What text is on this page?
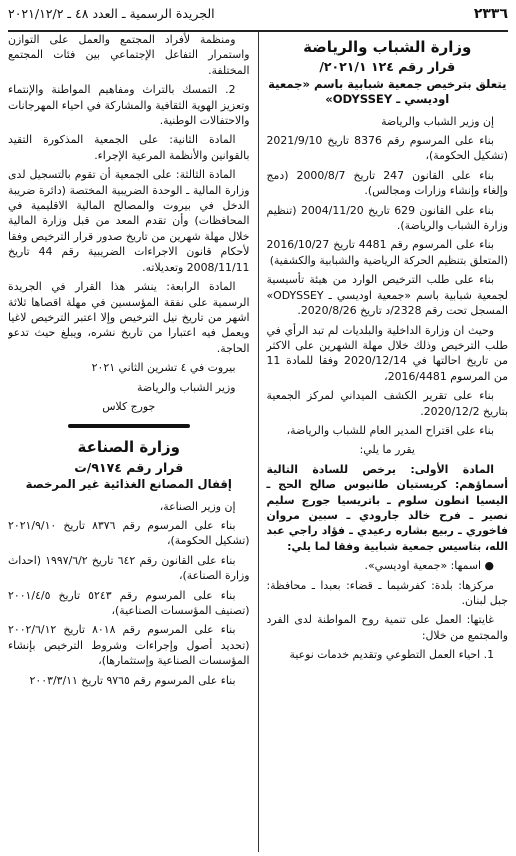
٢٣٣٦
الجريدة الرسمية ـ العدد ٤٨ ـ ٢٠٢١/١٢/٢
وزارة الشباب والرياضة
قرار رقم ١٢٤ ٢٠٢١/١/
يتعلق بترخيص جمعية شبابية باسم «جمعية اوديسي ـ ODYSSEY»

إن وزير الشباب والرياضة

بناء على المرسوم رقم 8376 تاريخ 2021/9/10 (تشكيل الحكومة)،

بناء على القانون 247 تاريخ 2000/8/7 (دمج وإلغاء وإنشاء وزارات ومجالس).

بناء على القانون 629 تاريخ 2004/11/20 (تنظيم وزارة الشباب والرياضة).

بناء على المرسوم رقم 4481 تاريخ 2016/10/27 (المتعلق بتنظيم الحركة الرياضية والشبابية والكشفية)

بناء على طلب الترخيص الوارد من هيئة تأسيسية لجمعية شبابية باسم «جمعية اوديسي ـ ODYSSEY» المسجل تحت رقم 2328/د تاريخ 2020/8/26.

وحيث ان وزارة الداخلية والبلديات لم تبد الرأي في طلب الترخيص وذلك خلال مهلة الشهرين على الاكثر من تاريخ احالتها في 2020/12/14 وفقا للمادة 11 من المرسوم 2016/4481،

بناء على تقرير الكشف الميداني لمركز الجمعية بتاريخ 2020/12/2.

بناء على اقتراح المدير العام للشباب والرياضة،

يقرر ما يلي:

المادة الأولى: يرخص للسادة التالية أسماؤهم: كريستيان طانيوس صالح الحج ـ اليسيا انطون سلوم ـ باتريسيا جورج سليم نصير ـ فرح خالد جارودي ـ سبين مروان فاخوري ـ ربيع بشاره رعيدي ـ فؤاد راجي عبد الله، بتاسيس جمعية شبابية وفقا لما يلي:

● اسمها: «جمعية اوديسي».

مركزها: بلدة: كفرشيما ـ قضاء: بعبدا ـ محافظة: جبل لبنان.

غايتها: العمل على تنمية روح المواطنة لدى الفرد والمجتمع من خلال:

1. احياء العمل التطوعي وتقديم خدمات نوعية

ومنظمة لأفراد المجتمع والعمل على التوازن واستمرار التفاعل الإجتماعي بين فئات المجتمع المختلفة.

2. التمسك بالتراث ومفاهيم المواطنة والإنتماء وتعزيز الهوية الثقافية والمشاركة في احياء المهرجانات والاحتفالات الوطنية.

المادة الثانية: على الجمعية المذكورة التقيد بالقوانين والأنظمة المرعية الإجراء.

المادة الثالثة: على الجمعية أن تقوم بالتسجيل لدى وزارة المالية ـ الوحدة الضريبية المختصة (دائرة ضريبة الدخل في بيروت والمصالح المالية الاقليمية في المحافظات) وأن تقدم المعد من قبل وزارة المالية خلال مهلة شهرين من تاريخ صدور قرار الترخيص وفقا لأحكام قانون الاجراءات الضريبية رقم 44 تاريخ 2008/11/11 وتعديلاته.

المادة الرابعة: ينشر هذا القرار في الجريدة الرسمية على نفقة المؤسسين في مهلة اقصاها ثلاثة اشهر من تاريخ نيل الترخيص وإلا اعتبر الترخيص لاغيا ويعمل فيه اعتبارا من تاريخ نشره، ويبلغ حيث تدعو الحاجة.

بيروت في ٤ تشرين الثاني ٢٠٢١

وزير الشباب والرياضة

جورج كلاس

وزارة الصناعة
قرار رقم ٩١٧٤/ت
إقفال المصانع الغذائية غير المرخصة

إن وزير الصناعة،

بناء على المرسوم رقم ٨٣٧٦ تاريخ ٢٠٢١/٩/١٠ (تشكيل الحكومة)،

بناء على القانون رقم ٦٤٢ تاريخ ١٩٩٧/٦/٢ (احداث وزارة الصناعة)،

بناء على المرسوم رقم ٥٢٤٣ تاريخ ٢٠٠١/٤/٥ (تصنيف المؤسسات الصناعية)،

بناء على المرسوم رقم ٨٠١٨ تاريخ ٢٠٠٢/٦/١٢ (تحديد أصول وإجراءات وشروط الترخيص بإنشاء المؤسسات الصناعية وإستثمارها)،

بناء على المرسوم رقم ٩٧٦٥ تاريخ ٢٠٠٣/٣/١١
